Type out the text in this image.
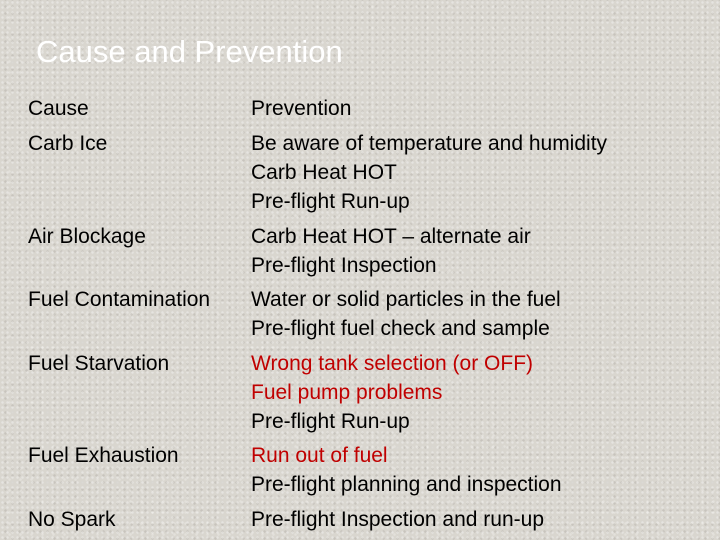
Cause and Prevention
Cause
Carb Ice
Air Blockage
Fuel Contamination
Fuel Starvation
Fuel Exhaustion
No Spark
Prevention
Be aware of temperature and humidity
Carb Heat HOT
Pre-flight Run-up
Carb Heat HOT – alternate air
Pre-flight Inspection
Water or solid particles in the fuel
Pre-flight fuel check and sample
Wrong tank selection (or OFF)
Fuel pump problems
Pre-flight Run-up
Run out of fuel
Pre-flight planning and inspection
Pre-flight Inspection and run-up
